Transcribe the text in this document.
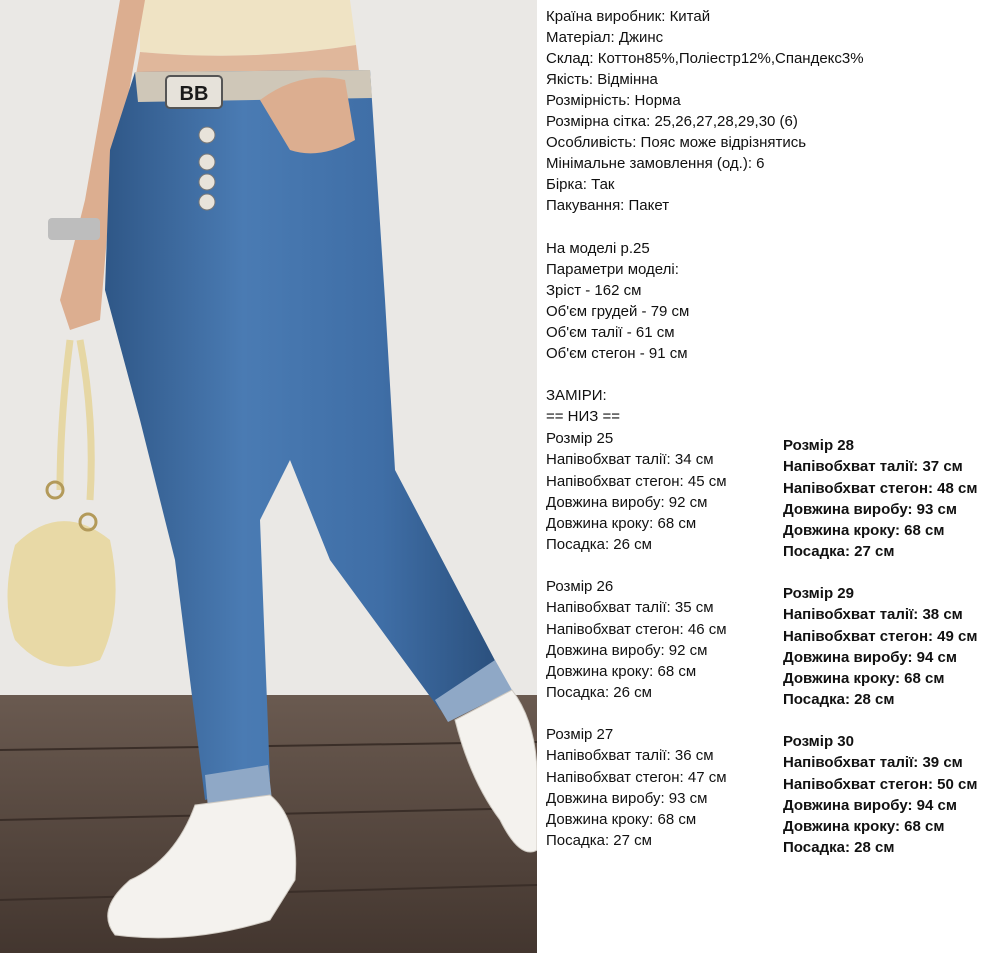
BB
Країна виробник: Китай
Матеріал: Джинс
Склад: Коттон85%,Поліестр12%,Спандекс3%
Якість: Відмінна
Розмірність: Норма
Розмірна сітка: 25,26,27,28,29,30 (6)
Особливість: Пояс може відрізнятись
Мінімальне замовлення (од.): 6
Бірка: Так
Пакування: Пакет
На моделі р.25
Параметри моделі:
Зріст - 162 см
Об'єм грудей - 79 см
Об'єм талії - 61 см
Об'єм стегон - 91 см
ЗАМІРИ:
== НИЗ ==
Розмір 25
Напівобхват талії: 34 см
Напівобхват стегон: 45 см
Довжина виробу: 92 см
Довжина кроку: 68 см
Посадка: 26 см
Розмір 26
Напівобхват талії: 35 см
Напівобхват стегон: 46 см
Довжина виробу: 92 см
Довжина кроку: 68 см
Посадка: 26 см
Розмір 27
Напівобхват талії: 36 см
Напівобхват стегон: 47 см
Довжина виробу: 93 см
Довжина кроку: 68 см
Посадка: 27 см
Розмір 28
Напівобхват талії: 37 см
Напівобхват стегон: 48 см
Довжина виробу: 93 см
Довжина кроку: 68 см
Посадка: 27 см
Розмір 29
Напівобхват талії: 38 см
Напівобхват стегон: 49 см
Довжина виробу: 94 см
Довжина кроку: 68 см
Посадка: 28 см
Розмір 30
Напівобхват талії: 39 см
Напівобхват стегон: 50 см
Довжина виробу: 94 см
Довжина кроку: 68 см
Посадка: 28 см
